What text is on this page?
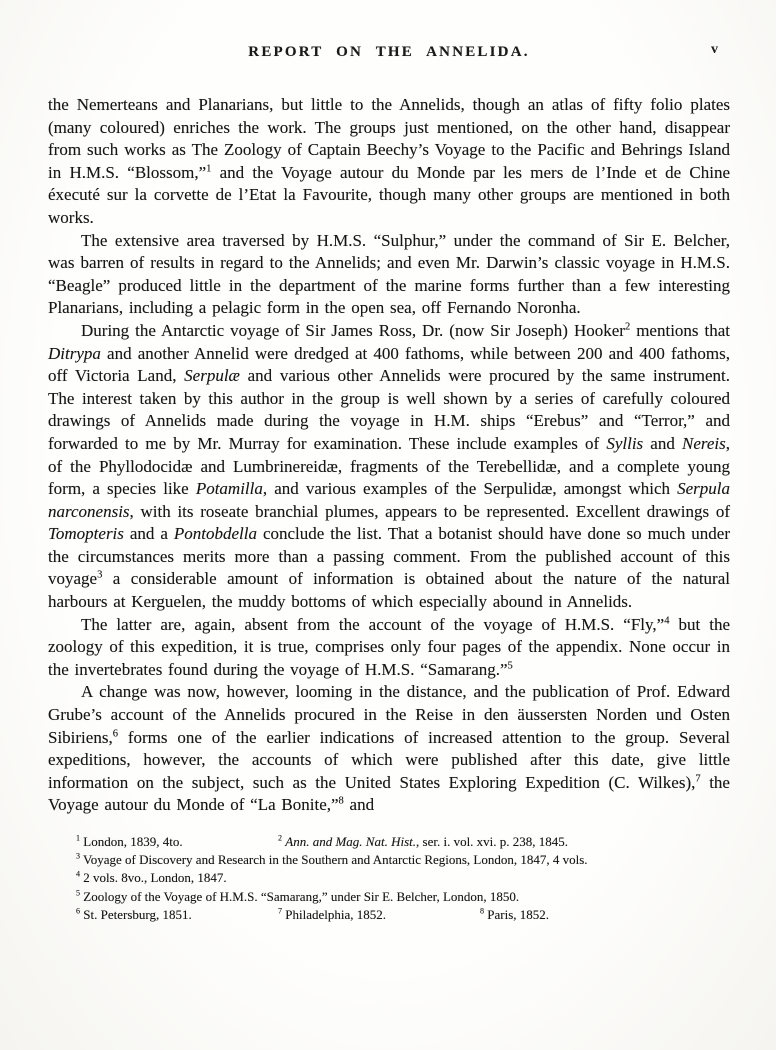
REPORT ON THE ANNELIDA.	v
the Nemerteans and Planarians, but little to the Annelids, though an atlas of fifty folio plates (many coloured) enriches the work. The groups just mentioned, on the other hand, disappear from such works as The Zoology of Captain Beechy’s Voyage to the Pacific and Behrings Island in H.M.S. “Blossom,”$^1$ and the Voyage autour du Monde par les mers de l’Inde et de Chine éxecuté sur la corvette de l’Etat la Favourite, though many other groups are mentioned in both works.
The extensive area traversed by H.M.S. “Sulphur,” under the command of Sir E. Belcher, was barren of results in regard to the Annelids; and even Mr. Darwin’s classic voyage in H.M.S. “Beagle” produced little in the department of the marine forms further than a few interesting Planarians, including a pelagic form in the open sea, off Fernando Noronha.
During the Antarctic voyage of Sir James Ross, Dr. (now Sir Joseph) Hooker$^2$ mentions that Ditrypa and another Annelid were dredged at 400 fathoms, while between 200 and 400 fathoms, off Victoria Land, Serpulæ and various other Annelids were procured by the same instrument. The interest taken by this author in the group is well shown by a series of carefully coloured drawings of Annelids made during the voyage in H.M. ships “Erebus” and “Terror,” and forwarded to me by Mr. Murray for examination. These include examples of Syllis and Nereis, of the Phyllodocidæ and Lumbrinereidæ, fragments of the Terebellidæ, and a complete young form, a species like Potamilla, and various examples of the Serpulidæ, amongst which Serpula narconensis, with its roseate branchial plumes, appears to be represented. Excellent drawings of Tomopteris and a Pontobdella conclude the list. That a botanist should have done so much under the circumstances merits more than a passing comment. From the published account of this voyage$^3$ a considerable amount of information is obtained about the nature of the natural harbours at Kerguelen, the muddy bottoms of which especially abound in Annelids.
The latter are, again, absent from the account of the voyage of H.M.S. “Fly,”$^4$ but the zoology of this expedition, it is true, comprises only four pages of the appendix. None occur in the invertebrates found during the voyage of H.M.S. “Samarang.”$^5$
A change was now, however, looming in the distance, and the publication of Prof. Edward Grube’s account of the Annelids procured in the Reise in den äussersten Norden und Osten Sibiriens,$^6$ forms one of the earlier indications of increased attention to the group. Several expeditions, however, the accounts of which were published after this date, give little information on the subject, such as the United States Exploring Expedition (C. Wilkes),$^7$ the Voyage autour du Monde of “La Bonite,”$^8$ and
$^1$ London, 1839, 4to.	$^2$ Ann. and Mag. Nat. Hist., ser. i. vol. xvi. p. 238, 1845.
$^3$ Voyage of Discovery and Research in the Southern and Antarctic Regions, London, 1847, 4 vols.
$^4$ 2 vols. 8vo., London, 1847.
$^5$ Zoology of the Voyage of H.M.S. “Samarang,” under Sir E. Belcher, London, 1850.
$^6$ St. Petersburg, 1851.	$^7$ Philadelphia, 1852.	$^8$ Paris, 1852.
